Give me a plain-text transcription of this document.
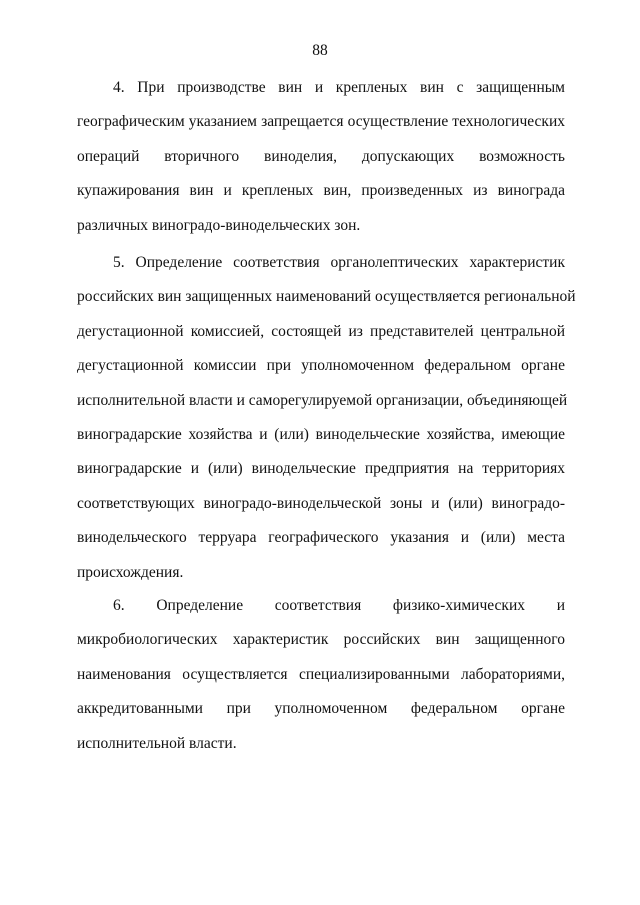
88
4. При производстве вин и крепленых вин с защищенным
географическим указанием запрещается осуществление технологических
операций вторичного виноделия, допускающих возможность
купажирования вин и крепленых вин, произведенных из винограда
различных виноградо-винодельческих зон.
5. Определение соответствия органолептических характеристик
российских вин защищенных наименований осуществляется региональной
дегустационной комиссией, состоящей из представителей центральной
дегустационной комиссии при уполномоченном федеральном органе
исполнительной власти и саморегулируемой организации, объединяющей
виноградарские хозяйства и (или) винодельческие хозяйства, имеющие
виноградарские и (или) винодельческие предприятия на территориях
соответствующих виноградо-винодельческой зоны и (или) виноградо-
винодельческого терруара географического указания и (или) места
происхождения.
6. Определение соответствия физико-химических и
микробиологических характеристик российских вин защищенного
наименования осуществляется специализированными лабораториями,
аккредитованными при уполномоченном федеральном органе
исполнительной власти.
